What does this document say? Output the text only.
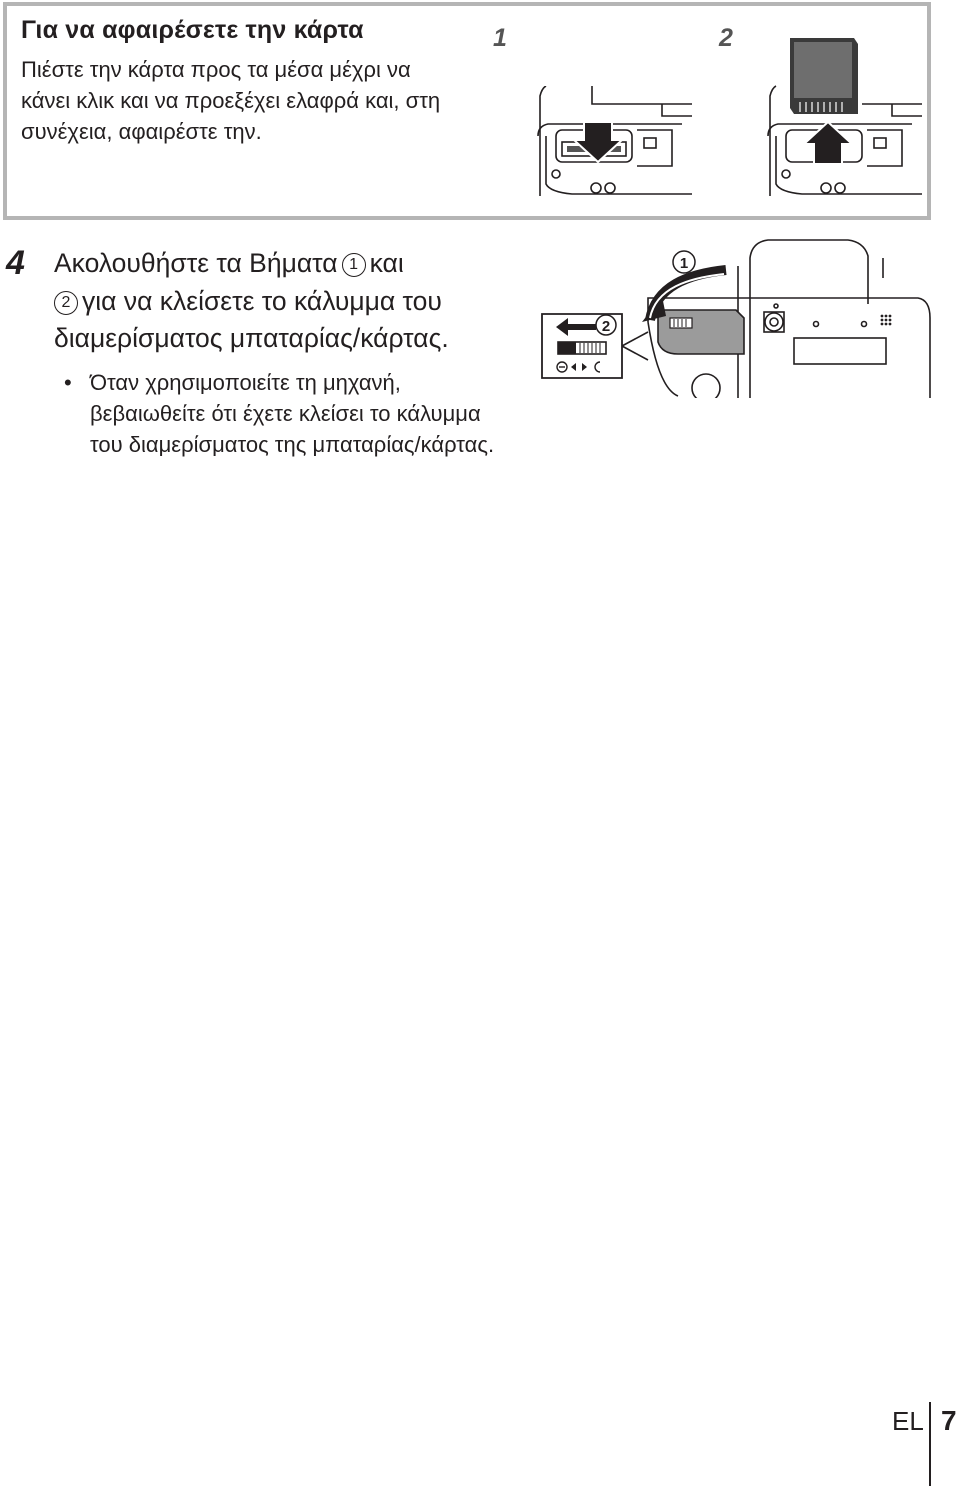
Για να αφαιρέσετε την κάρτα

Πιέστε την κάρτα προς τα μέσα μέχρι να κάνει κλικ και να προεξέχει ελαφρά και, στη συνέχεια, αφαιρέστε την.

1	2
4 Ακολουθήστε τα Βήματα 1 και
2 για να κλείσετε το κάλυμμα του διαμερίσματος μπαταρίας/κάρτας.

• Όταν χρησιμοποιείτε τη μηχανή, βεβαιωθείτε ότι έχετε κλείσει το κάλυμμα του διαμερίσματος της μπαταρίας/κάρτας.
2
1
EL 7
